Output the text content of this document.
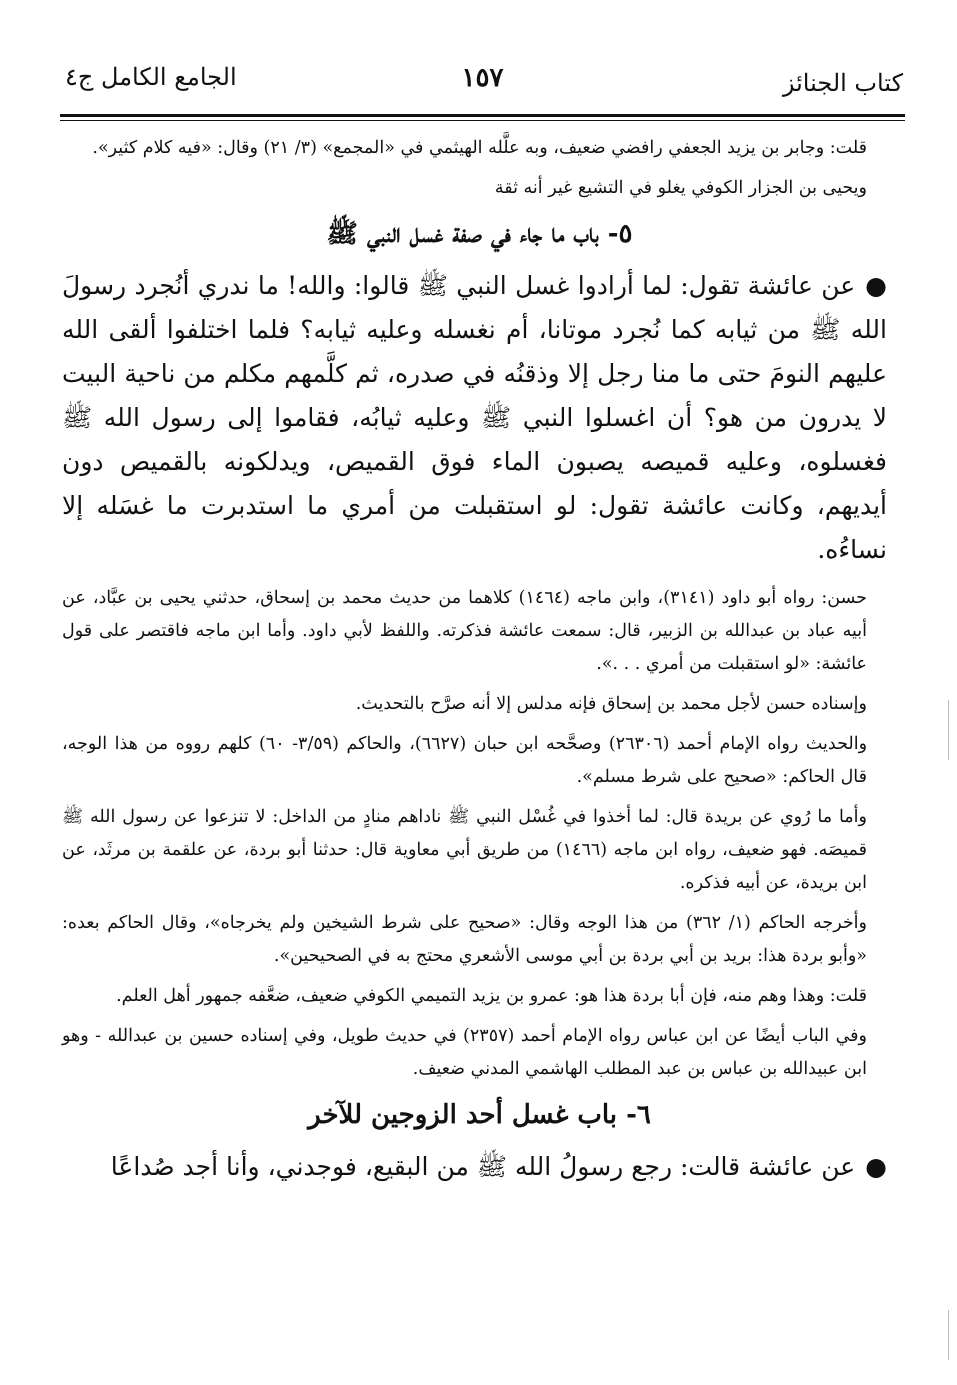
كتاب الجنائز
١٥٧
الجامع الكامل ج٤

قلت: وجابر بن يزيد الجعفي رافضي ضعيف، وبه علَّله الهيثمي في «المجمع» (٣/ ٢١) وقال: «فيه كلام كثير».

ويحيى بن الجزار الكوفي يغلو في التشيع غير أنه ثقة

٥- باب ما جاء في صفة غسل النبي ﷺ

●عن عائشة تقول: لما أرادوا غسل النبي ﷺ قالوا: والله! ما ندري أنُجرد رسولَ الله ﷺ من ثيابه كما نُجرد موتانا، أم نغسله وعليه ثيابه؟ فلما اختلفوا ألقى الله عليهم النومَ حتى ما منا رجل إلا وذقنُه في صدره، ثم كلَّمهم مكلم من ناحية البيت لا يدرون من هو؟ أن اغسلوا النبي ﷺ وعليه ثيابُه، فقاموا إلى رسول الله ﷺ فغسلوه، وعليه قميصه يصبون الماء فوق القميص، ويدلكونه بالقميص دون أيديهم، وكانت عائشة تقول: لو استقبلت من أمري ما استدبرت ما غسَله إلا نساءُه.

حسن: رواه أبو داود (٣١٤١)، وابن ماجه (١٤٦٤) كلاهما من حديث محمد بن إسحاق، حدثني يحيى بن عبَّاد، عن أبيه عباد بن عبدالله بن الزبير، قال: سمعت عائشة فذكرته. واللفظ لأبي داود. وأما ابن ماجه فاقتصر على قول عائشة: «لو استقبلت من أمري . . .».

وإسناده حسن لأجل محمد بن إسحاق فإنه مدلس إلا أنه صرَّح بالتحديث.

والحديث رواه الإمام أحمد (٢٦٣٠٦) وصحَّحه ابن حبان (٦٦٢٧)، والحاكم (٣/٥٩- ٦٠) كلهم رووه من هذا الوجه، قال الحاكم: «صحيح على شرط مسلم».

وأما ما رُوي عن بريدة قال: لما أخذوا في غُسْل النبي ﷺ ناداهم منادٍ من الداخل: لا تنزعوا عن رسول الله ﷺ قميصَه. فهو ضعيف، رواه ابن ماجه (١٤٦٦) من طريق أبي معاوية قال: حدثنا أبو بردة، عن علقمة بن مرثَد، عن ابن بريدة، عن أبيه فذكره.

وأخرجه الحاكم (١/ ٣٦٢) من هذا الوجه وقال: «صحيح على شرط الشيخين ولم يخرجاه»، وقال الحاكم بعده: «وأبو بردة هذا: بريد بن أبي بردة بن أبي موسى الأشعري محتج به في الصحيحين».

قلت: وهذا وهم منه، فإن أبا بردة هذا هو: عمرو بن يزيد التميمي الكوفي ضعيف، ضعَّفه جمهور أهل العلم.

وفي الباب أيضًا عن ابن عباس رواه الإمام أحمد (٢٣٥٧) في حديث طويل، وفي إسناده حسين بن عبدالله - وهو ابن عبيدالله بن عباس بن عبد المطلب الهاشمي المدني ضعيف.

٦- باب غسل أحد الزوجين للآخر

●عن عائشة قالت: رجع رسولُ الله ﷺ من البقيع، فوجدني، وأنا أجد صُداعًا
